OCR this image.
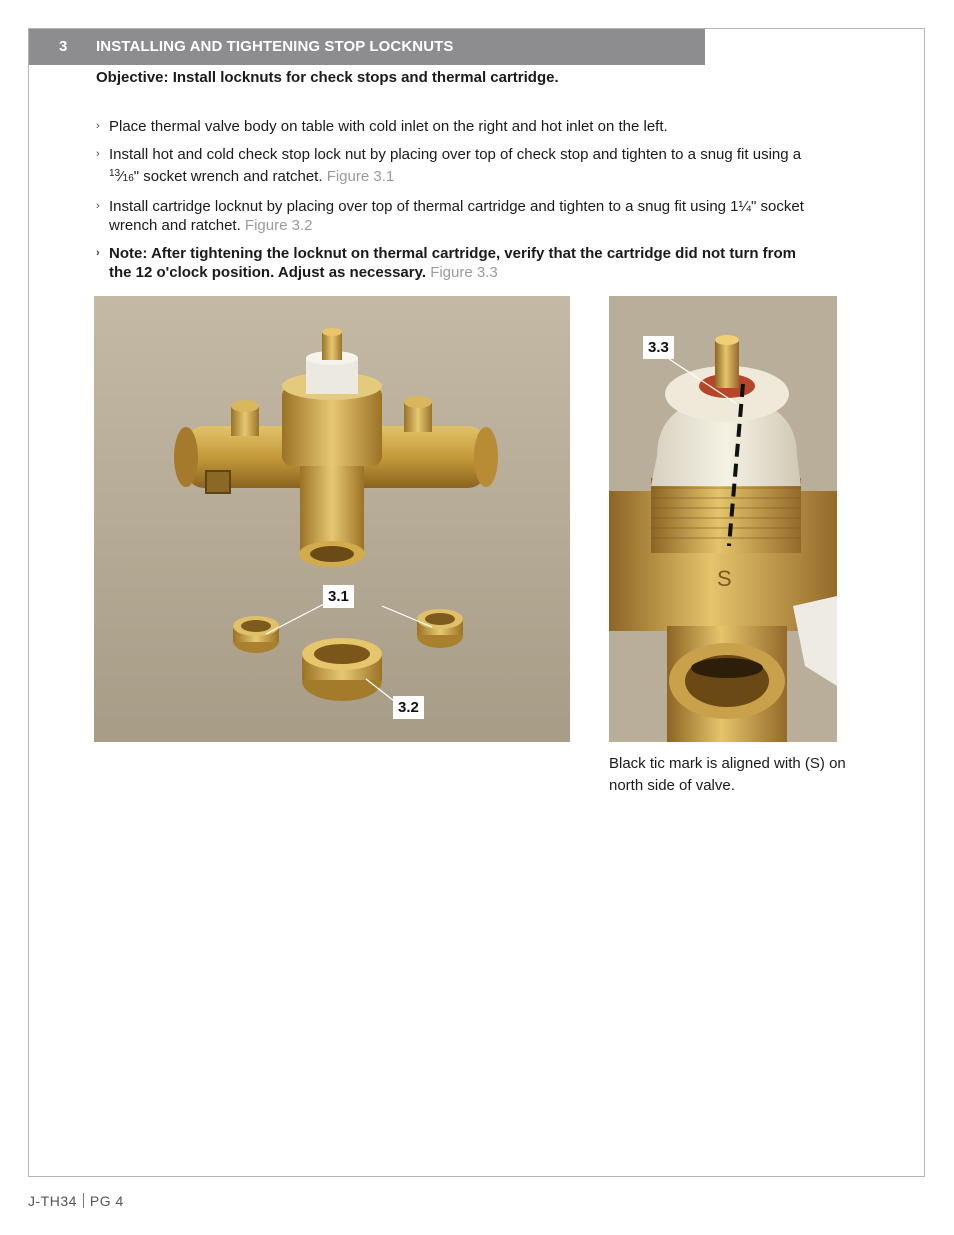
3 INSTALLING AND TIGHTENING STOP LOCKNUTS
Objective: Install locknuts for check stops and thermal cartridge.
› Place thermal valve body on table with cold inlet on the right and hot inlet on the left.
› Install hot and cold check stop lock nut by placing over top of check stop and tighten to a snug fit using a $^{13}$⁄16" socket wrench and ratchet. Figure 3.1
› Install cartridge locknut by placing over top of thermal cartridge and tighten to a snug fit using 1¼" socket wrench and ratchet. Figure 3.2
› Note: After tightening the locknut on thermal cartridge, verify that the cartridge did not turn from the 12 o'clock position. Adjust as necessary. Figure 3.3
3.1
3.2
S
3.3
Black tic mark is aligned with (S) on north side of valve.
J-TH34 PG 4
